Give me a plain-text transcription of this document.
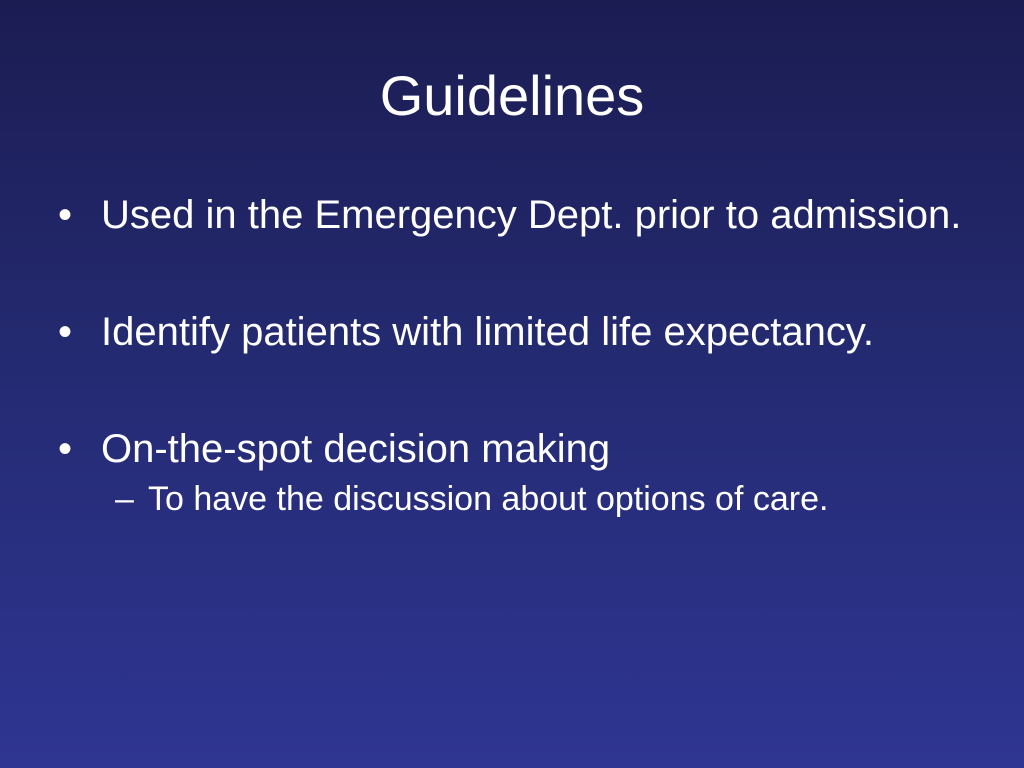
Guidelines
• Used in the Emergency Dept. prior to admission.
• Identify patients with limited life expectancy.
• On-the-spot decision making
– To have the discussion about options of care.
